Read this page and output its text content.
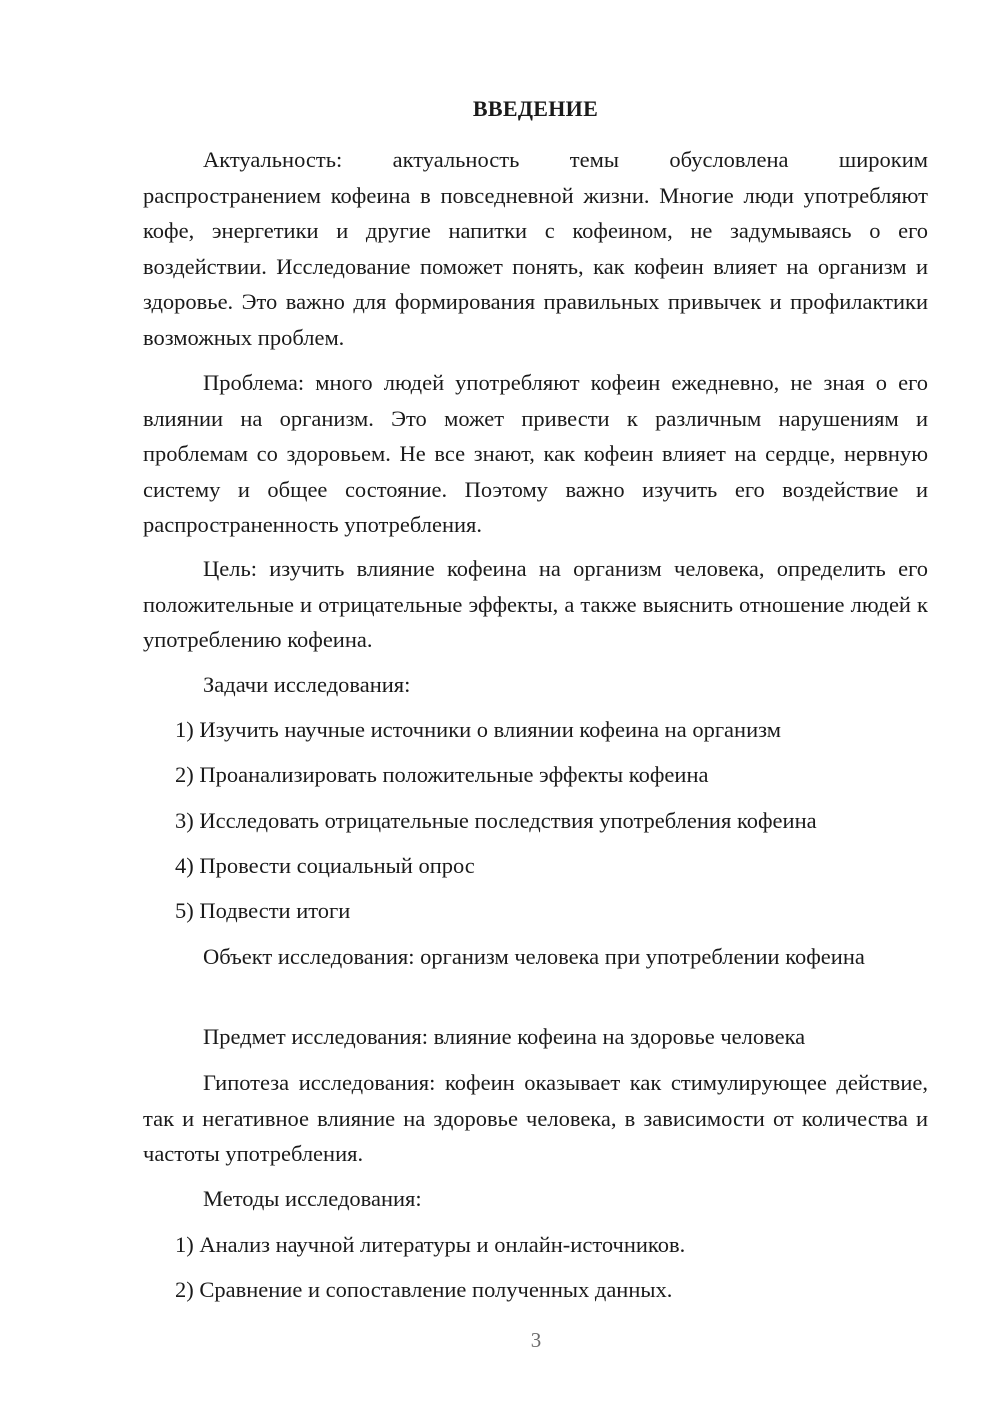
ВВЕДЕНИЕ

Актуальность: актуальность темы обусловлена широким распространением кофеина в повседневной жизни. Многие люди употребляют кофе, энергетики и другие напитки с кофеином, не задумываясь о его воздействии. Исследование поможет понять, как кофеин влияет на организм и здоровье. Это важно для формирования правильных привычек и профилактики возможных проблем.

Проблема: много людей употребляют кофеин ежедневно, не зная о его влиянии на организм. Это может привести к различным нарушениям и проблемам со здоровьем. Не все знают, как кофеин влияет на сердце, нервную систему и общее состояние. Поэтому важно изучить его воздействие и распространенность употребления.

Цель: изучить влияние кофеина на организм человека, определить его положительные и отрицательные эффекты, а также выяснить отношение людей к употреблению кофеина.

Задачи исследования:

1) Изучить научные источники о влиянии кофеина на организм

2) Проанализировать положительные эффекты кофеина

3) Исследовать отрицательные последствия употребления кофеина

4) Провести социальный опрос

5) Подвести итоги

Объект исследования: организм человека при употреблении кофеина

Предмет исследования: влияние кофеина на здоровье человека

Гипотеза исследования: кофеин оказывает как стимулирующее действие, так и негативное влияние на здоровье человека, в зависимости от количества и частоты употребления.

Методы исследования:

1) Анализ научной литературы и онлайн-источников.

2) Сравнение и сопоставление полученных данных.

3
